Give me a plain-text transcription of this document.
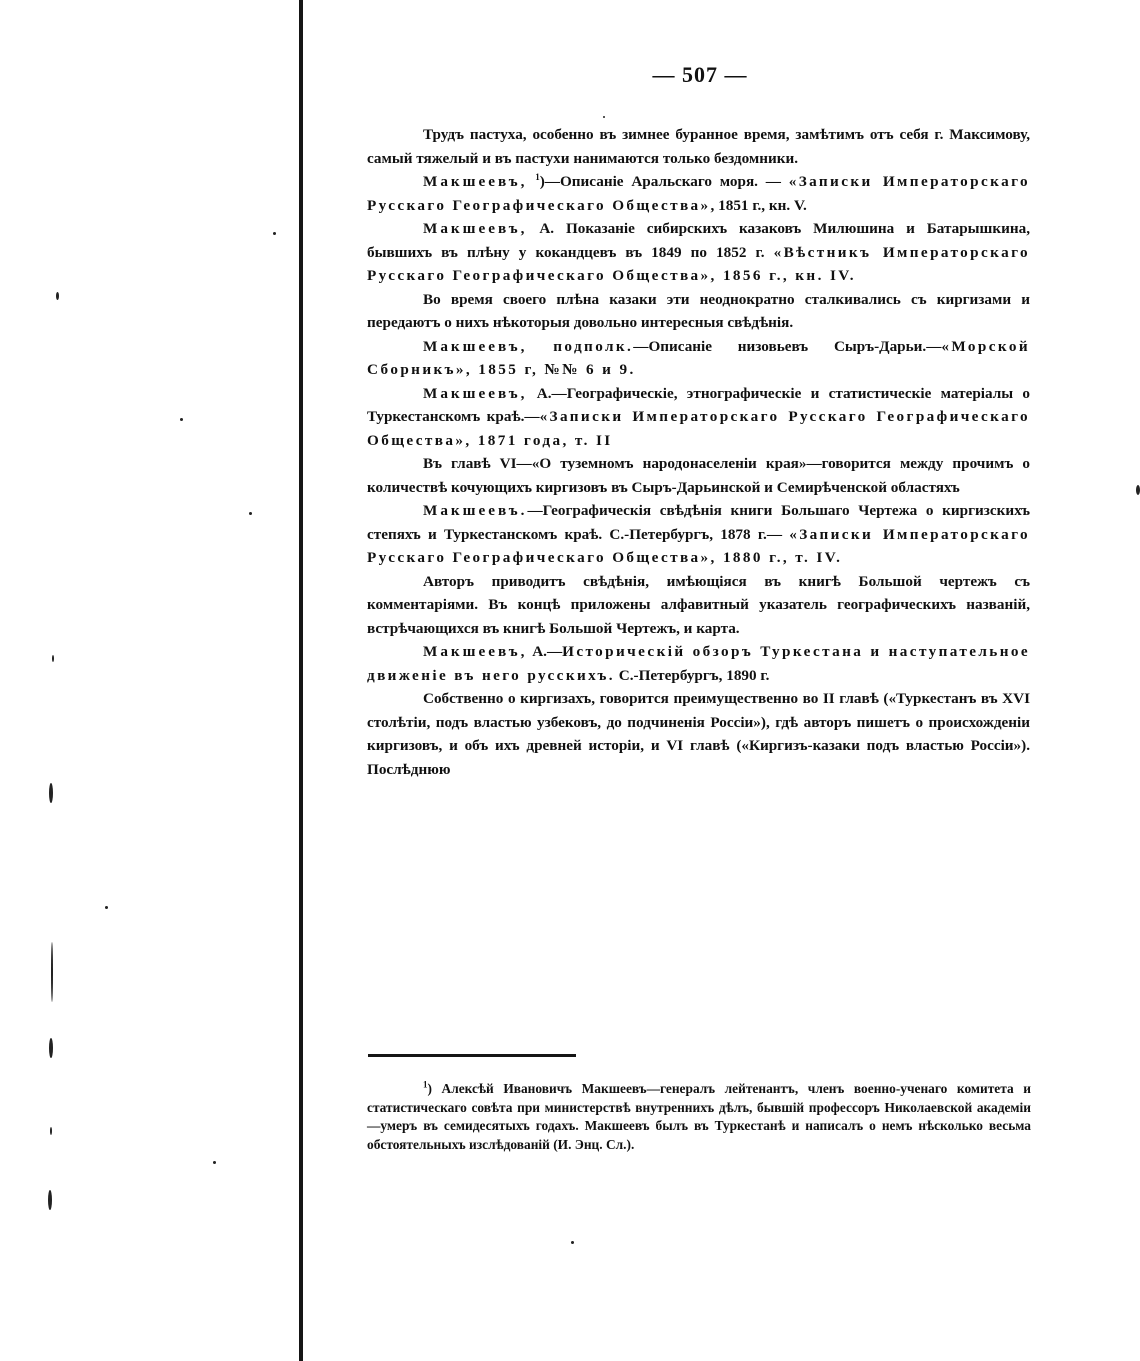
— 507 —

Трудъ пастуха, особенно въ зимнее буранное время, замѣтимъ отъ себя г. Максимову, самый тяжелый и въ пастухи нанимаются только бездомники.

Макшеевъ, $^1$)—Описаніе Аральскаго моря. — «Записки Императорскаго Русскаго Географическаго Общества», 1851 г., кн. V.

Макшеевъ, А. Показаніе сибирскихъ казаковъ Милюшина и Батарышкина, бывшихъ въ плѣну у кокандцевъ въ 1849 по 1852 г. «Вѣстникъ Императорскаго Русскаго Географическаго Общества», 1856 г., кн. IV.

Во время своего плѣна казаки эти неоднократно сталкивались съ киргизами и передаютъ о нихъ нѣкоторыя довольно интересныя свѣдѣнія.

Макшеевъ, подполк.—Описаніе низовьевъ Сыръ-Дарьи.—«Морской Сборникъ», 1855 г, №№ 6 и 9.

Макшеевъ, А.—Географическіе, этнографическіе и статистическіе матеріалы о Туркестанскомъ краѣ.—«Записки Императорскаго Русскаго Географическаго Общества», 1871 года, т. II

Въ главѣ VI—«О туземномъ народонаселеніи края»—говорится между прочимъ о количествѣ кочующихъ киргизовъ въ Сыръ-Дарьинской и Семирѣченской областяхъ

Макшеевъ.—Географическія свѣдѣнія книги Большаго Чертежа о киргизскихъ степяхъ и Туркестанскомъ краѣ. С.-Петербургъ, 1878 г.— «Записки Императорскаго Русскаго Географическаго Общества», 1880 г., т. IV.

Авторъ приводитъ свѣдѣнія, имѣющіяся въ книгѣ Большой чертежъ съ комментаріями. Въ концѣ приложены алфавитный указатель географическихъ названій, встрѣчающихся въ книгѣ Большой Чертежъ, и карта.

Макшеевъ, А.—Историческій обзоръ Туркестана и наступательное движеніе въ него русскихъ. С.-Петербургъ, 1890 г.

Собственно о киргизахъ, говорится преимущественно во II главѣ («Туркестанъ въ XVI столѣтіи, подъ властью узбековъ, до подчиненія Россіи»), гдѣ авторъ пишетъ о происхожденіи киргизовъ, и объ ихъ древней исторіи, и VI главѣ («Киргизъ-казаки подъ властью Россіи»). Послѣднюю

$^1$) Алексѣй Ивановичъ Макшеевъ—генералъ лейтенантъ, членъ военно-ученаго комитета и статистическаго совѣта при министерствѣ внутреннихъ дѣлъ, бывшій профессоръ Николаевской академіи—умеръ въ семидесятыхъ годахъ. Макшеевъ былъ въ Туркестанѣ и написалъ о немъ нѣсколько весьма обстоятельныхъ изслѣдованій (И. Энц. Сл.).
